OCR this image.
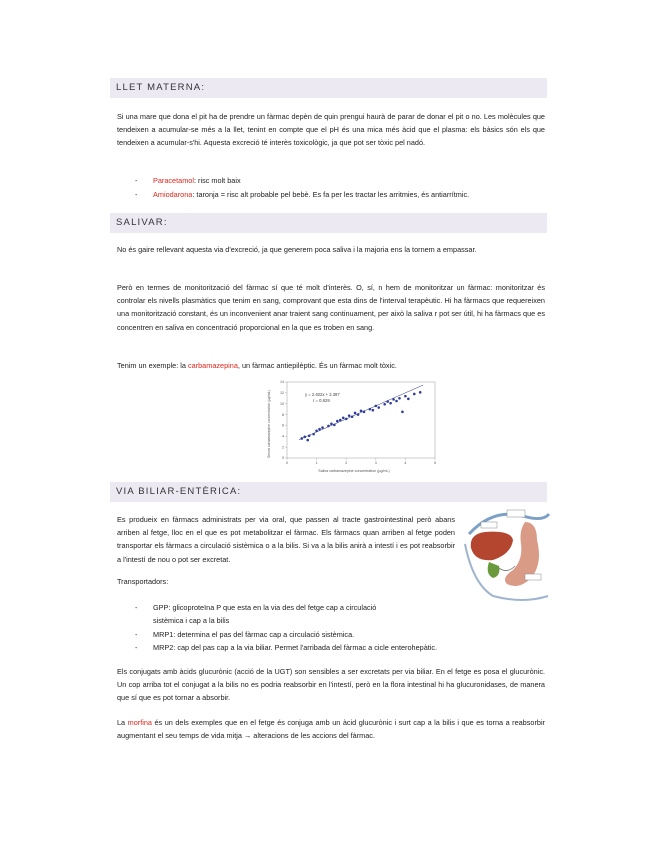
LLET MATERNA:

Si una mare que dona el pit ha de prendre un fàrmac depèn de quin prengui haurà de parar de donar el pit o no. Les molècules que tendeixen a acumular-se més a la llet, tenint en compte que el pH és una mica més àcid que el plasma: els bàsics són els que tendeixen a acumular-s'hi. Aquesta excreció té interès toxicològic, ja que pot ser tòxic pel nadó.

- Paracetamol: risc molt baix
- Amiodarona: taronja = risc alt probable pel bebè. Es fa per les tractar les arritmies, és antiarrítmic.
SALIVAR:

No és gaire rellevant aquesta via d'excreció, ja que generem poca saliva i la majoria ens la tornem a empassar.

Però en termes de monitorització del fàrmac sí que té molt d'interès. O, sí, n hem de monitoritzar un fàrmac: monitoritzar és controlar els nivells plasmàtics que tenim en sang, comprovant que esta dins de l'interval terapèutic. Hi ha fàrmacs que requereixen una monitorització constant, és un inconvenient anar traient sang continuament, per això la saliva r pot ser útil, hi ha fàrmacs que es concentren en saliva en concentració proporcional en la que es troben en sang.

Tenim un exemple: la carbamazepina, un fàrmac antiepilèptic. És un fàrmac molt tòxic.

0	1	2	3	4	5
0
2
4
6
8
10
12
14
y = 2.402x + 2.397
r = 0.929
Saliva carbamazepine concentration (µg/mL)
Serum carbamazepine concentration (µg/mL)
VIA BILIAR-ENTÈRICA:

Es produeix en fàrmacs administrats per via oral, que passen al tracte gastrointestinal però abans arriben al fetge, lloc en el que es pot metabolitzar el fàrmac. Els fàrmacs quan arriben al fetge poden transportar els fàrmacs a circulació sistèmica o a la bilis. Si va a la bilis anirà a intestí i es pot reabsorbir a l'intestí de nou o pot ser excretat.

Transportadors:

- GPP: glicoproteïna P que esta en la via des del fetge cap a circulació
sistèmica i cap a la bilis
- MRP1: determina el pas del fàrmac cap a circulació sistèmica.
- MRP2: cap del pas cap a la via biliar. Permet l'arribada del fàrmac a cicle enterohepàtic.

Els conjugats amb àcids glucurònic (acció de la UGT) son sensibles a ser excretats per via biliar. En el fetge es posa el glucurònic. Un cop arriba tot el conjugat a la bilis no es podria reabsorbir en l'intestí, però en la flora intestinal hi ha glucuronidases, de manera que sí que es pot tornar a absorbir.

La morfina és un dels exemples que en el fetge és conjuga amb un àcid glucurònic i surt cap a la bilis i que es torna a reabsorbir augmentant el seu temps de vida mitja → alteracions de les accions del fàrmac.
